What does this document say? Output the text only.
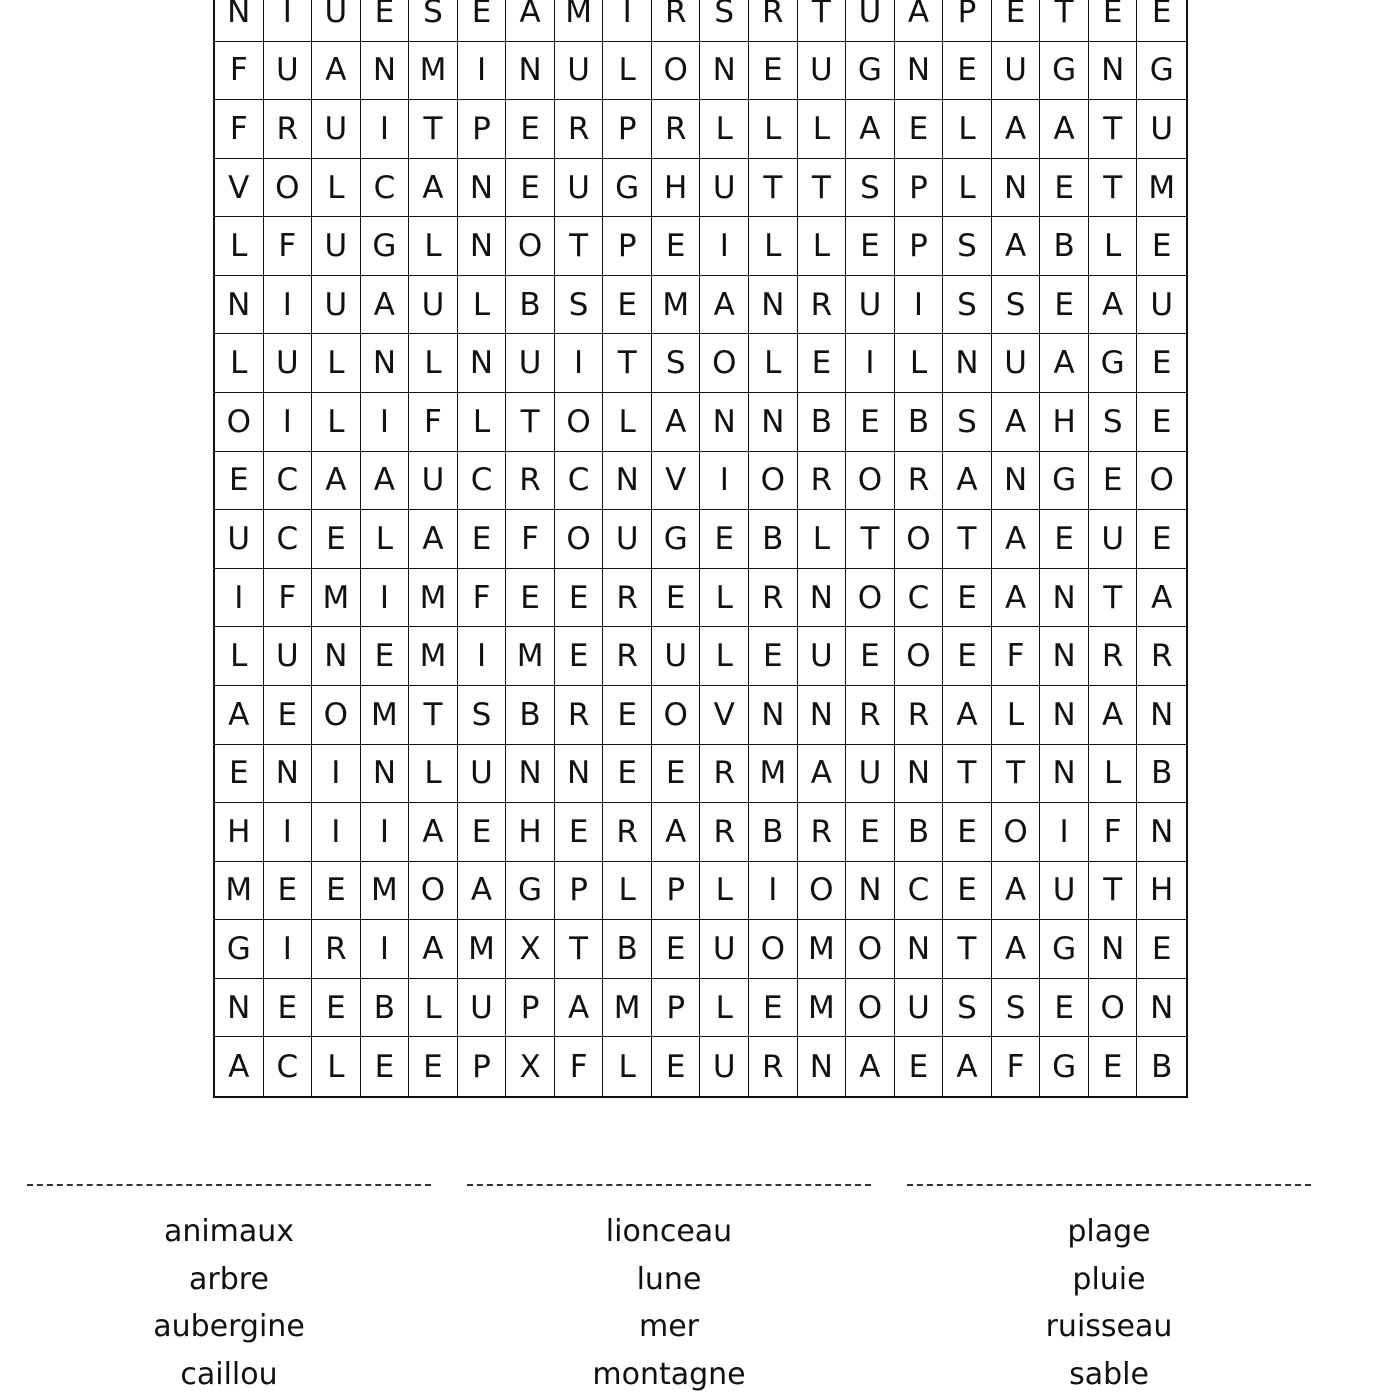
N	I	U E S E A M I	R S R T U A P E T E E
F U A N M I	N U L O N E U G N E U G N G
F R U	I	T P E R P R L	L	L A E L A A T U
V O L C A N E U G H U T T S P L N E T M
L F U G L N O T P E	I	L	L E P S A B L E
N	I	U A U L B S E M A N R U	I	S S E A U
L U L N L N U	I	T S O L E	I	L N U A G E
O	I	L	I	F	L T O L A N N B E B S A H S E
E C A A U C R C N V	I	O R O R A N G E O
U C E L A E F O U G E B L T O T A E U E
I	F M I M F E E R E L R N O C E A N T A
L U N E M I M E R U L E U E O E F N R R
A E O M T S B R E O V N N R R A L N A N
E N	I	N L U N N E E R M A U N T T N L B
H	I	I	I	A E H E R A R B R E B E O	I	F N
M E E M O A G P L P L	I	O N C E A U T H
G	I	R	I	A M X T B E U O M O N T A G N E
N E E B L U P A M P L E M O U S S E O N
A C L E E P X F L E U R N A E A F G E B
animaux
arbre
aubergine
caillou
lionceau
lune
mer
montagne
plage
pluie
ruisseau
sable
